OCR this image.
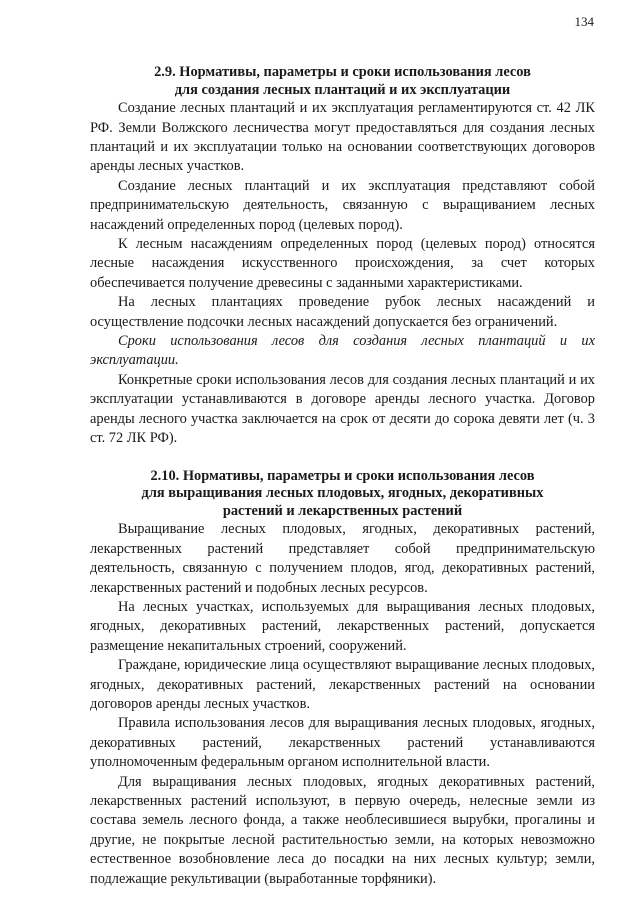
134
2.9. Нормативы, параметры и сроки использования лесов
для создания лесных плантаций и их эксплуатации

Создание лесных плантаций и их эксплуатация регламентируются ст. 42 ЛК РФ. Земли Волжского лесничества могут предоставляться для создания лесных плантаций и их эксплуатации только на основании соответствующих договоров аренды лесных участков.

Создание лесных плантаций и их эксплуатация представляют собой предпринимательскую деятельность, связанную с выращиванием лесных насаждений определенных пород (целевых пород).

К лесным насаждениям определенных пород (целевых пород) относятся лесные насаждения искусственного происхождения, за счет которых обеспечивается получение древесины с заданными характеристиками.

На лесных плантациях проведение рубок лесных насаждений и осуществление подсочки лесных насаждений допускается без ограничений.

Сроки использования лесов для создания лесных плантаций и их эксплуатации.

Конкретные сроки использования лесов для создания лесных плантаций и их эксплуатации устанавливаются в договоре аренды лесного участка. Договор аренды лесного участка заключается на срок от десяти до сорока девяти лет (ч. 3 ст. 72 ЛК РФ).

2.10. Нормативы, параметры и сроки использования лесов
для выращивания лесных плодовых, ягодных, декоративных
растений и лекарственных растений

Выращивание лесных плодовых, ягодных, декоративных растений, лекарственных растений представляет собой предпринимательскую деятельность, связанную с получением плодов, ягод, декоративных растений, лекарственных растений и подобных лесных ресурсов.

На лесных участках, используемых для выращивания лесных плодовых, ягодных, декоративных растений, лекарственных растений, допускается размещение некапитальных строений, сооружений.

Граждане, юридические лица осуществляют выращивание лесных плодовых, ягодных, декоративных растений, лекарственных растений на основании договоров аренды лесных участков.

Правила использования лесов для выращивания лесных плодовых, ягодных, декоративных растений, лекарственных растений устанавливаются уполномоченным федеральным органом исполнительной власти.

Для выращивания лесных плодовых, ягодных декоративных растений, лекарственных растений используют, в первую очередь, нелесные земли из состава земель лесного фонда, а также необлесившиеся вырубки, прогалины и другие, не покрытые лесной растительностью земли, на которых невозможно естественное возобновление леса до посадки на них лесных культур; земли, подлежащие рекультивации (выработанные торфяники).
